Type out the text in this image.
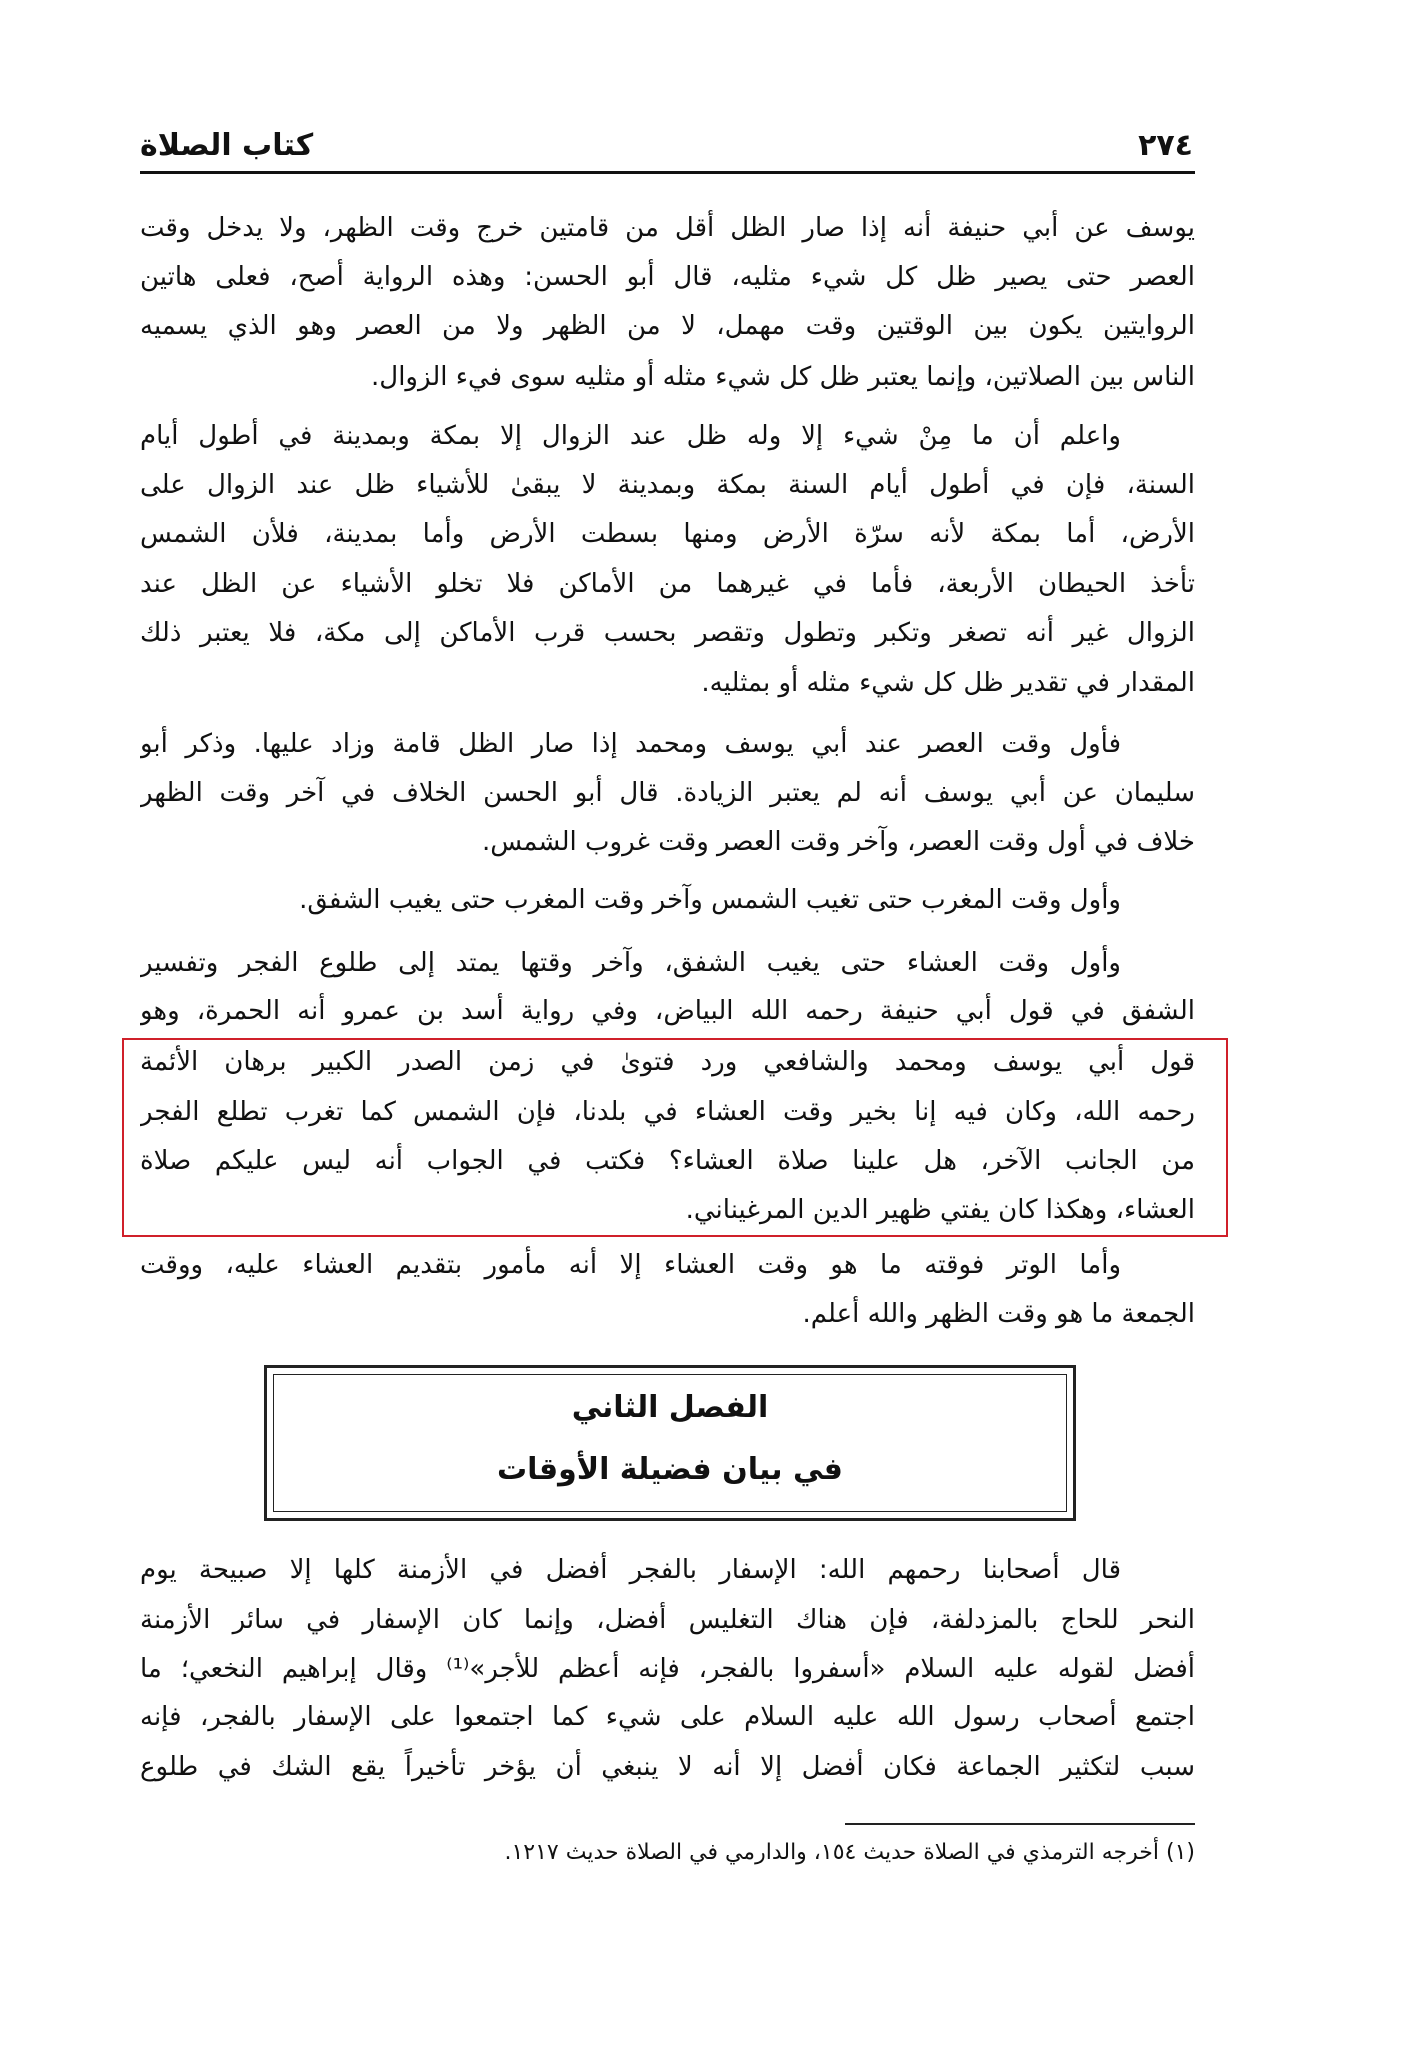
٢٧٤
كتاب الصلاة
الفصل الثاني
في بيان فضيلة الأوقات
يوسف عن أبي حنيفة أنه إذا صار الظل أقل من قامتين خرج وقت الظهر، ولا يدخل وقت
العصر حتى يصير ظل كل شيء مثليه، قال أبو الحسن: وهذه الرواية أصح، فعلى هاتين
الروايتين يكون بين الوقتين وقت مهمل، لا من الظهر ولا من العصر وهو الذي يسميه
الناس بين الصلاتين، وإنما يعتبر ظل كل شيء مثله أو مثليه سوى فيء الزوال.
واعلم أن ما مِنْ شيء إلا وله ظل عند الزوال إلا بمكة وبمدينة في أطول أيام
السنة، فإن في أطول أيام السنة بمكة وبمدينة لا يبقىٰ للأشياء ظل عند الزوال على
الأرض، أما بمكة لأنه سرّة الأرض ومنها بسطت الأرض وأما بمدينة، فلأن الشمس
تأخذ الحيطان الأربعة، فأما في غيرهما من الأماكن فلا تخلو الأشياء عن الظل عند
الزوال غير أنه تصغر وتكبر وتطول وتقصر بحسب قرب الأماكن إلى مكة، فلا يعتبر ذلك
المقدار في تقدير ظل كل شيء مثله أو بمثليه.
فأول وقت العصر عند أبي يوسف ومحمد إذا صار الظل قامة وزاد عليها. وذكر أبو
سليمان عن أبي يوسف أنه لم يعتبر الزيادة. قال أبو الحسن الخلاف في آخر وقت الظهر
خلاف في أول وقت العصر، وآخر وقت العصر وقت غروب الشمس.
وأول وقت المغرب حتى تغيب الشمس وآخر وقت المغرب حتى يغيب الشفق.
وأول وقت العشاء حتى يغيب الشفق، وآخر وقتها يمتد إلى طلوع الفجر وتفسير
الشفق في قول أبي حنيفة رحمه الله البياض، وفي رواية أسد بن عمرو أنه الحمرة، وهو
قول أبي يوسف ومحمد والشافعي ورد فتوىٰ في زمن الصدر الكبير برهان الأئمة
رحمه الله، وكان فيه إنا بخير وقت العشاء في بلدنا، فإن الشمس كما تغرب تطلع الفجر
من الجانب الآخر، هل علينا صلاة العشاء؟ فكتب في الجواب أنه ليس عليكم صلاة
العشاء، وهكذا كان يفتي ظهير الدين المرغيناني.
وأما الوتر فوقته ما هو وقت العشاء إلا أنه مأمور بتقديم العشاء عليه، ووقت
الجمعة ما هو وقت الظهر والله أعلم.
قال أصحابنا رحمهم الله: الإسفار بالفجر أفضل في الأزمنة كلها إلا صبيحة يوم
النحر للحاج بالمزدلفة، فإن هناك التغليس أفضل، وإنما كان الإسفار في سائر الأزمنة
أفضل لقوله عليه السلام «أسفروا بالفجر، فإنه أعظم للأجر»⁽¹⁾ وقال إبراهيم النخعي؛ ما
اجتمع أصحاب رسول الله عليه السلام على شيء كما اجتمعوا على الإسفار بالفجر، فإنه
سبب لتكثير الجماعة فكان أفضل إلا أنه لا ينبغي أن يؤخر تأخيراً يقع الشك في طلوع
(١) أخرجه الترمذي في الصلاة حديث ١٥٤، والدارمي في الصلاة حديث ١٢١٧.
